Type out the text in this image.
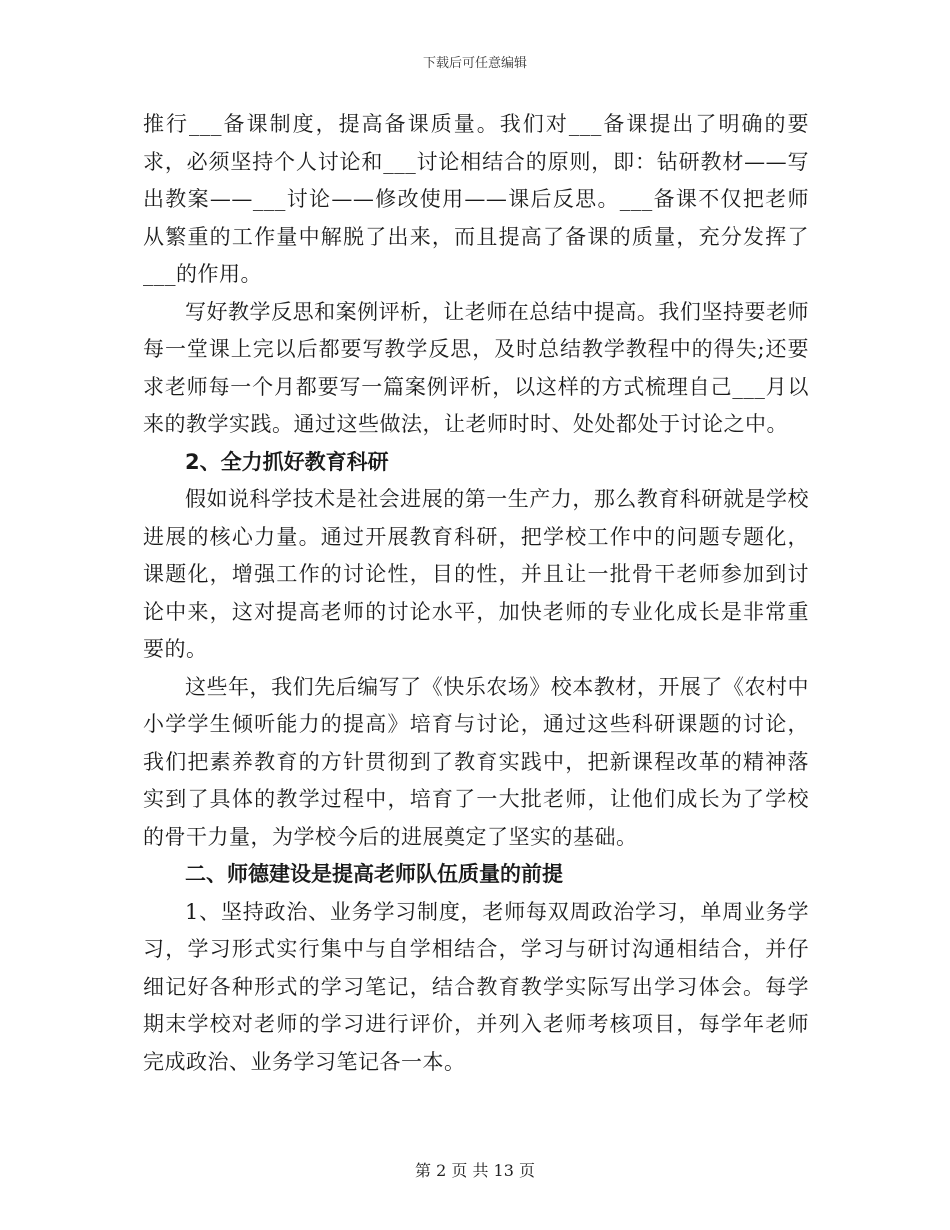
下载后可任意编辑

推行___备课制度，提高备课质量。我们对___备课提出了明确的要求，必须坚持个人讨论和___讨论相结合的原则，即：钻研教材——写出教案——___讨论——修改使用——课后反思。___备课不仅把老师从繁重的工作量中解脱了出来，而且提高了备课的质量，充分发挥了___的作用。

写好教学反思和案例评析，让老师在总结中提高。我们坚持要老师每一堂课上完以后都要写教学反思，及时总结教学教程中的得失;还要求老师每一个月都要写一篇案例评析，以这样的方式梳理自己___月以来的教学实践。通过这些做法，让老师时时、处处都处于讨论之中。

2、全力抓好教育科研

假如说科学技术是社会进展的第一生产力，那么教育科研就是学校进展的核心力量。通过开展教育科研，把学校工作中的问题专题化，课题化，增强工作的讨论性，目的性，并且让一批骨干老师参加到讨论中来，这对提高老师的讨论水平，加快老师的专业化成长是非常重要的。

这些年，我们先后编写了《快乐农场》校本教材，开展了《农村中小学学生倾听能力的提高》培育与讨论，通过这些科研课题的讨论，我们把素养教育的方针贯彻到了教育实践中，把新课程改革的精神落实到了具体的教学过程中，培育了一大批老师，让他们成长为了学校的骨干力量，为学校今后的进展奠定了坚实的基础。

二、师德建设是提高老师队伍质量的前提

1、坚持政治、业务学习制度，老师每双周政治学习，单周业务学习，学习形式实行集中与自学相结合，学习与研讨沟通相结合，并仔细记好各种形式的学习笔记，结合教育教学实际写出学习体会。每学期末学校对老师的学习进行评价，并列入老师考核项目，每学年老师完成政治、业务学习笔记各一本。

第 2 页 共 13 页
